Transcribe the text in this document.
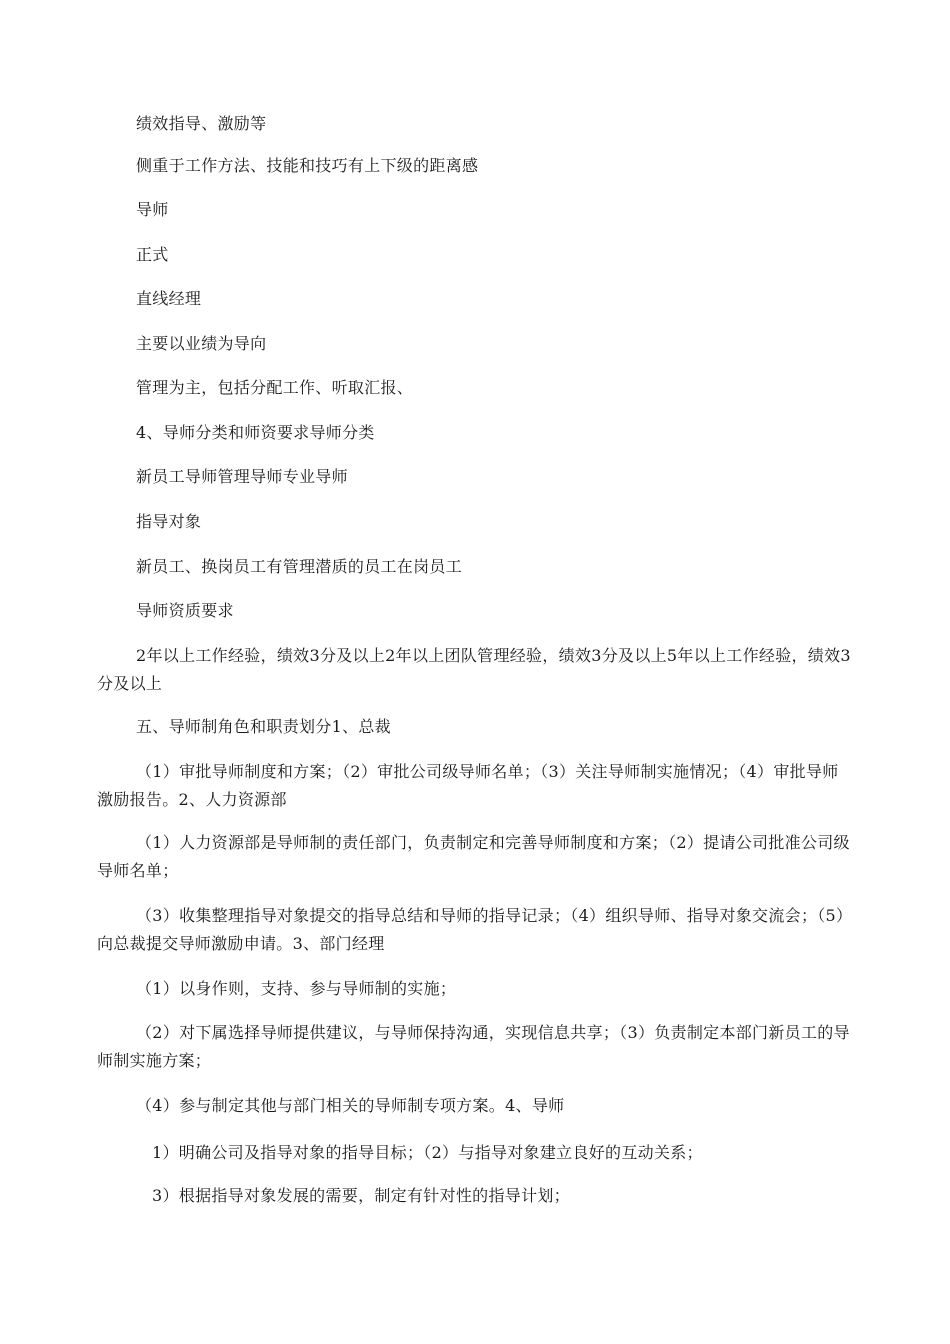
绩效指导、激励等

侧重于工作方法、技能和技巧有上下级的距离感

导师

正式

直线经理

主要以业绩为导向

管理为主，包括分配工作、听取汇报、

4、导师分类和师资要求导师分类

新员工导师管理导师专业导师

指导对象

新员工、换岗员工有管理潜质的员工在岗员工

导师资质要求

2年以上工作经验，绩效3分及以上2年以上团队管理经验，绩效3分及以上5年以上工作经验，绩效3分及以上

五、导师制角色和职责划分1、总裁

（1）审批导师制度和方案；（2）审批公司级导师名单；（3）关注导师制实施情况；（4）审批导师激励报告。2、人力资源部

（1）人力资源部是导师制的责任部门，负责制定和完善导师制度和方案；（2）提请公司批准公司级导师名单；

（3）收集整理指导对象提交的指导总结和导师的指导记录；（4）组织导师、指导对象交流会；（5）向总裁提交导师激励申请。3、部门经理

（1）以身作则，支持、参与导师制的实施；

（2）对下属选择导师提供建议，与导师保持沟通，实现信息共享；（3）负责制定本部门新员工的导师制实施方案；

（4）参与制定其他与部门相关的导师制专项方案。4、导师

1）明确公司及指导对象的指导目标；（2）与指导对象建立良好的互动关系；

3）根据指导对象发展的需要，制定有针对性的指导计划；
